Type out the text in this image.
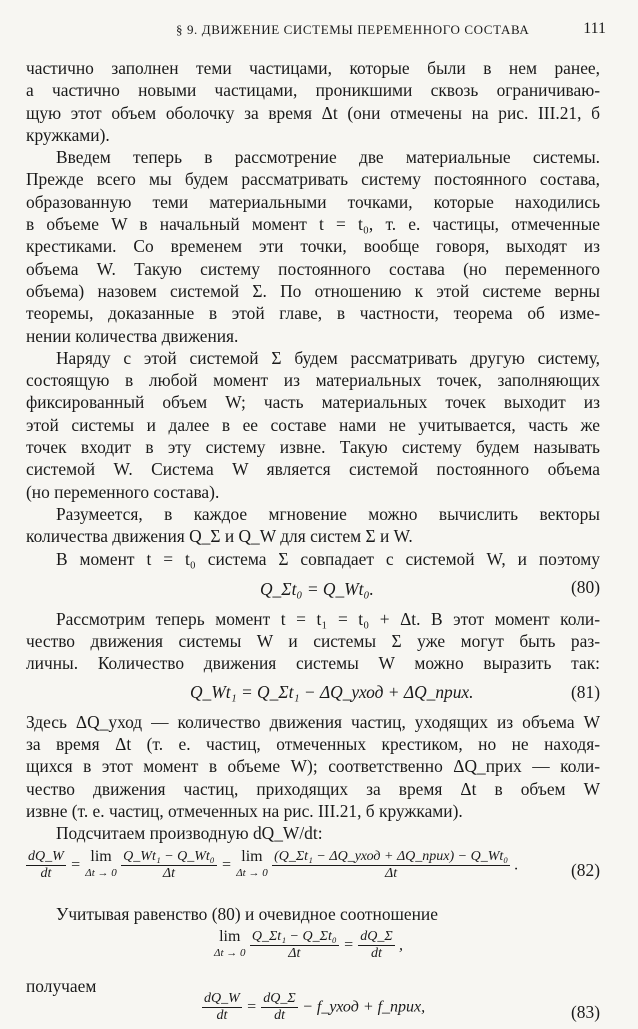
§ 9. ДВИЖЕНИЕ СИСТЕМЫ ПЕРЕМЕННОГО СОСТАВА	111
частично заполнен теми частицами, которые были в нем ранее,
а частично новыми частицами, проникшими сквозь ограничиваю-
щую этот объем оболочку за время Δt (они отмечены на рис. III.21, б
кружками).
Введем теперь в рассмотрение две материальные системы.
Прежде всего мы будем рассматривать систему постоянного состава,
образованную теми материальными точками, которые находились
в объеме W в начальный момент t = t₀, т. е. частицы, отмеченные
крестиками. Со временем эти точки, вообще говоря, выходят из
объема W. Такую систему постоянного состава (но переменного
объема) назовем системой Σ. По отношению к этой системе верны
теоремы, доказанные в этой главе, в частности, теорема об изме-
нении количества движения.
Наряду с этой системой Σ будем рассматривать другую систему,
состоящую в любой момент из материальных точек, заполняющих
фиксированный объем W; часть материальных точек выходит из
этой системы и далее в ее составе нами не учитывается, часть же
точек входит в эту систему извне. Такую систему будем называть
системой W. Система W является системой постоянного объема
(но переменного состава).
Разумеется, в каждое мгновение можно вычислить векторы
количества движения Q_Σ и Q_W для систем Σ и W.
В момент t = t₀ система Σ совпадает с системой W, и поэтому
Q_Σt₀ = Q_Wt₀.	(80)
Рассмотрим теперь момент t = t₁ = t₀ + Δt. В этот момент коли-
чество движения системы W и системы Σ уже могут быть раз-
личны. Количество движения системы W можно выразить так:
Q_Wt₁ = Q_Σt₁ − ΔQ_уход + ΔQ_прих.	(81)
Здесь ΔQ_уход — количество движения частиц, уходящих из объема W
за время Δt (т. е. частиц, отмеченных крестиком, но не находя-
щихся в этот момент в объеме W); соответственно ΔQ_прих — коли-
чество движения частиц, приходящих за время Δt в объем W
извне (т. е. частиц, отмеченных на рис. III.21, б кружками).
Подсчитаем производную dQ_W/dt:
$\frac{dQ\_W}{dt} = \lim$
Δt → 0
$\frac{\text{Q\_Wt₁ − Q\_Wt₀}}{\Delta t} = \lim$
Δt → 0
$\frac{\text{(Q\_Σt₁ − ΔQ\_уход + ΔQ\_прих) − Q\_Wt₀}}{\Delta t}$ .	(82)
Учитывая равенство (80) и очевидное соотношение
lim
Δt → 0
$\frac{\text{Q\_Σt₁ − Q\_Σt₀}}{\Delta t} = \frac{dQ\_\Sigma}{dt}$ ,
получаем
$\frac{dQ\_W}{dt} = \frac{dQ\_\Sigma}{dt}$ − f_уход + f_прих,	(83)
